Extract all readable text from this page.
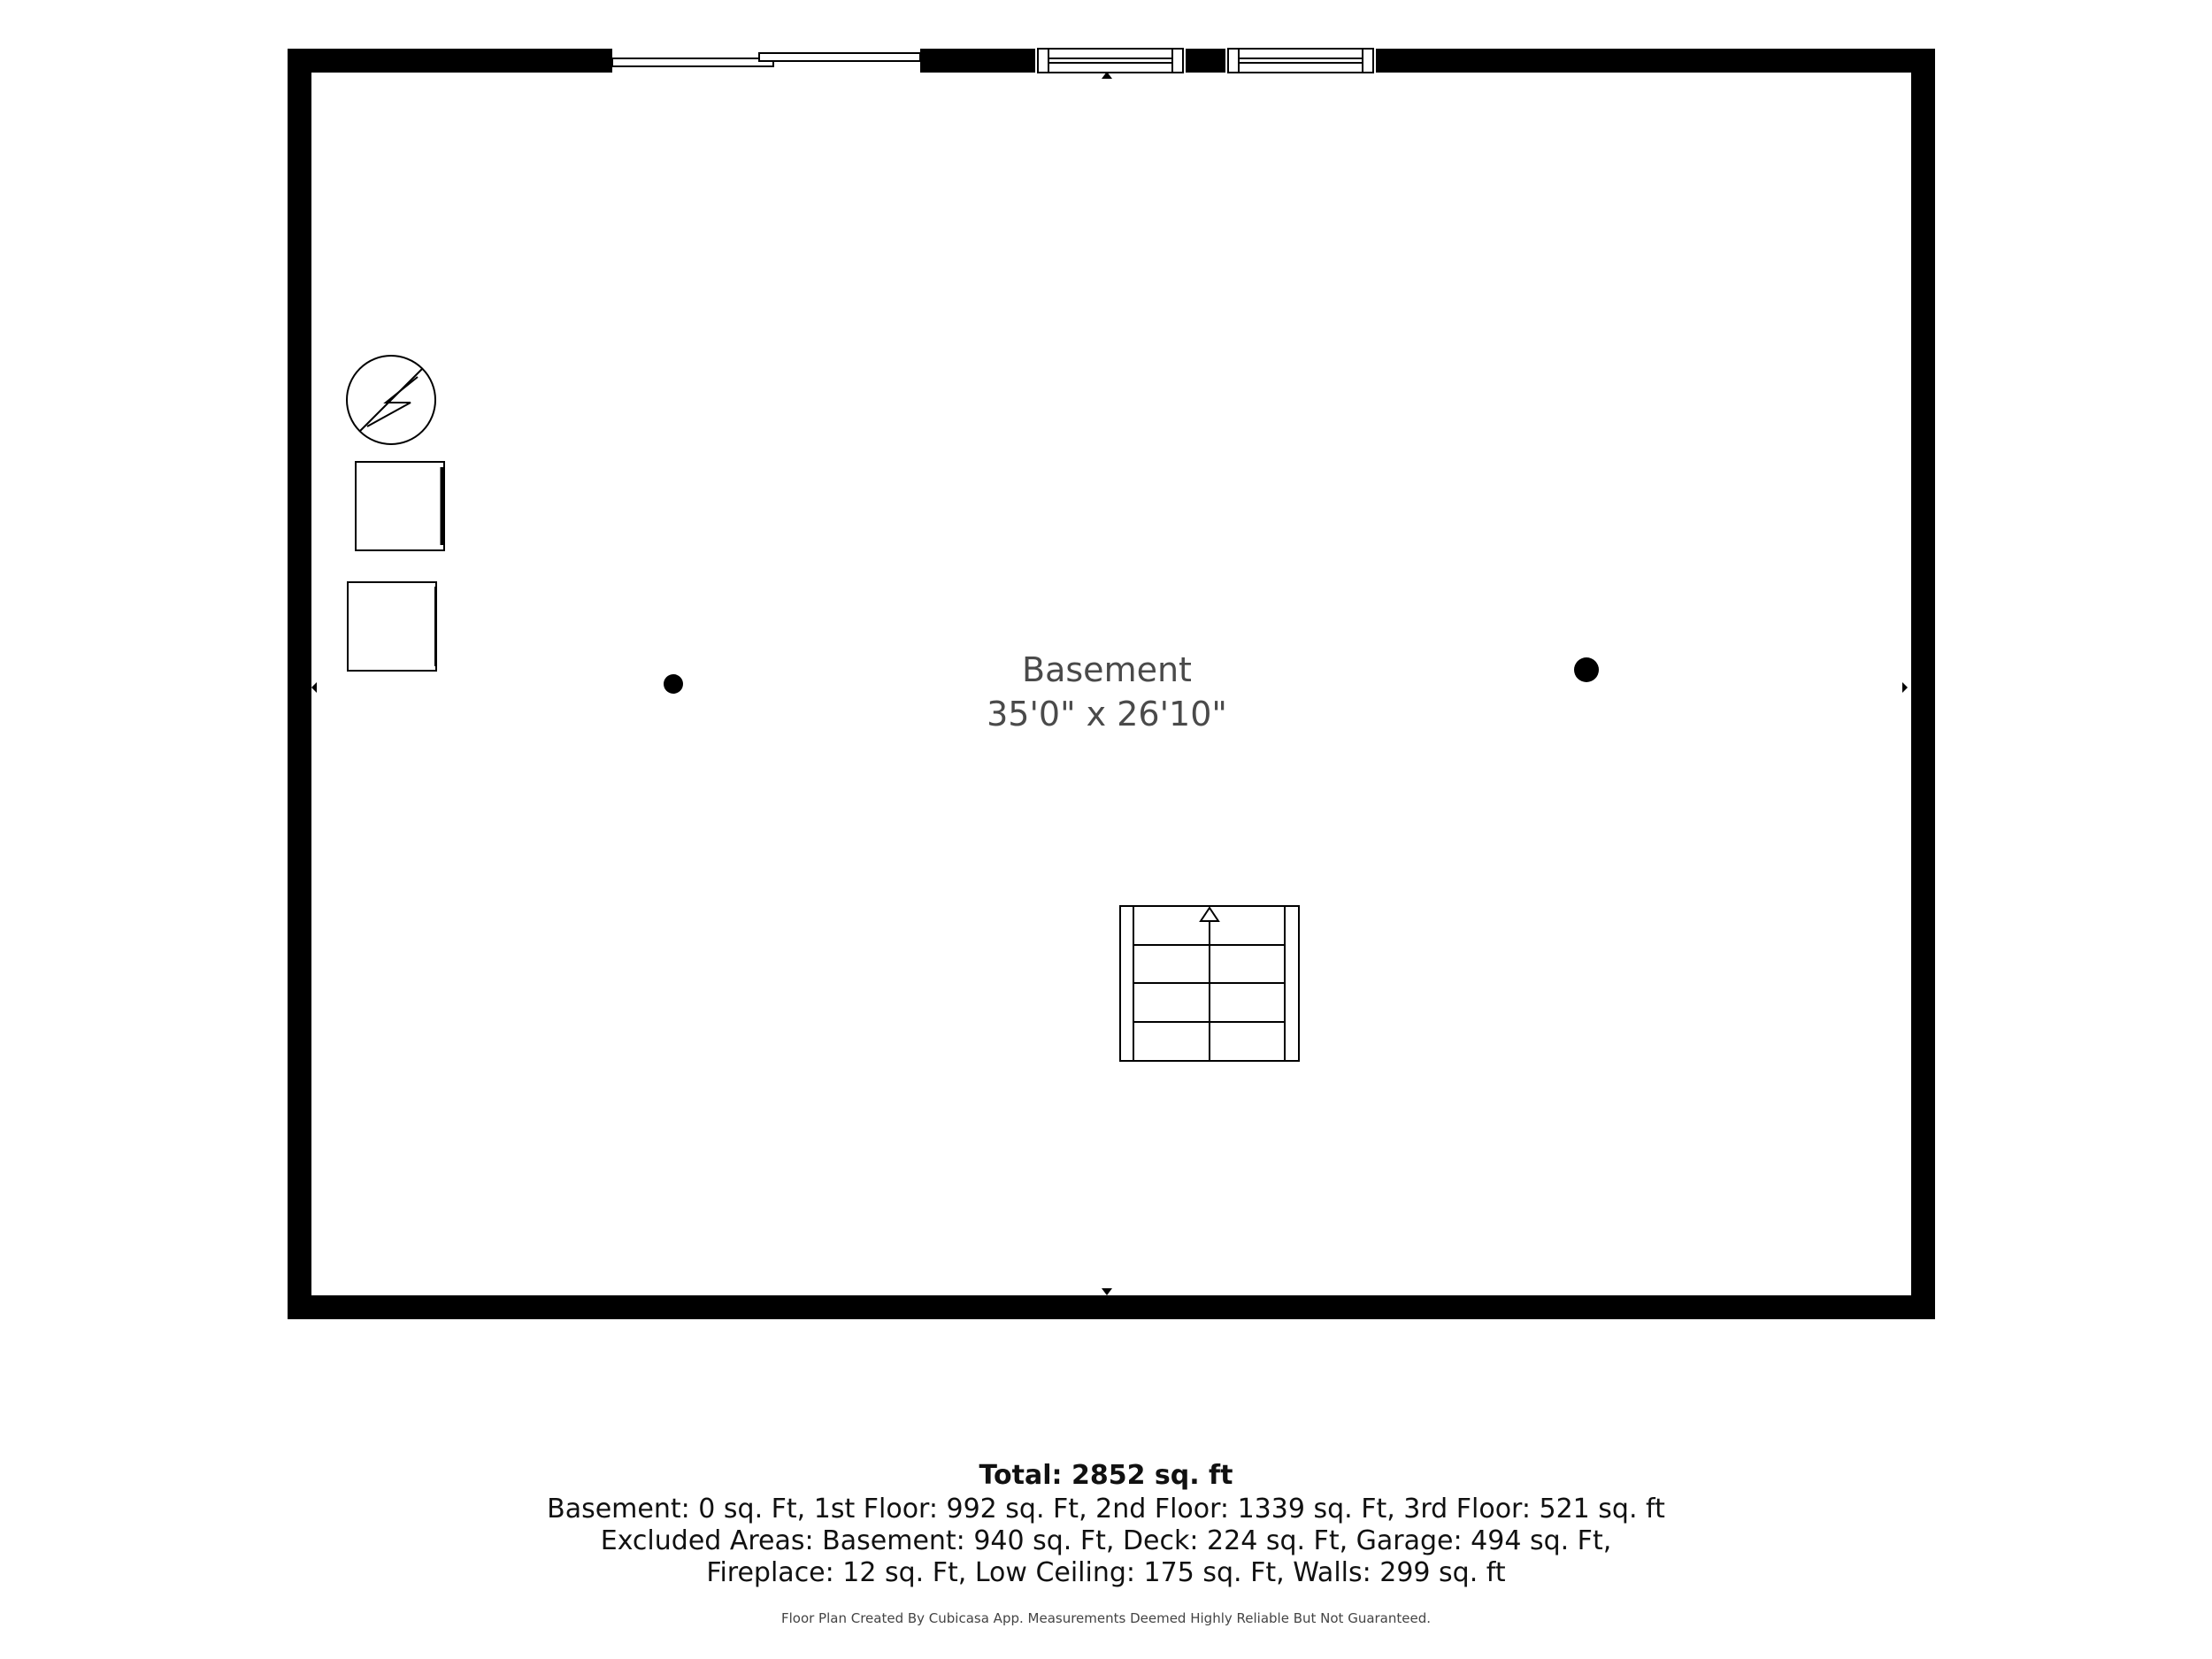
Basement
35'0" x 26'10"
Total: 2852 sq. ft
Basement: 0 sq. Ft, 1st Floor: 992 sq. Ft, 2nd Floor: 1339 sq. Ft, 3rd Floor: 521 sq. ft
Excluded Areas: Basement: 940 sq. Ft, Deck: 224 sq. Ft, Garage: 494 sq. Ft,
Fireplace: 12 sq. Ft, Low Ceiling: 175 sq. Ft, Walls: 299 sq. ft
Floor Plan Created By Cubicasa App. Measurements Deemed Highly Reliable But Not Guaranteed.
